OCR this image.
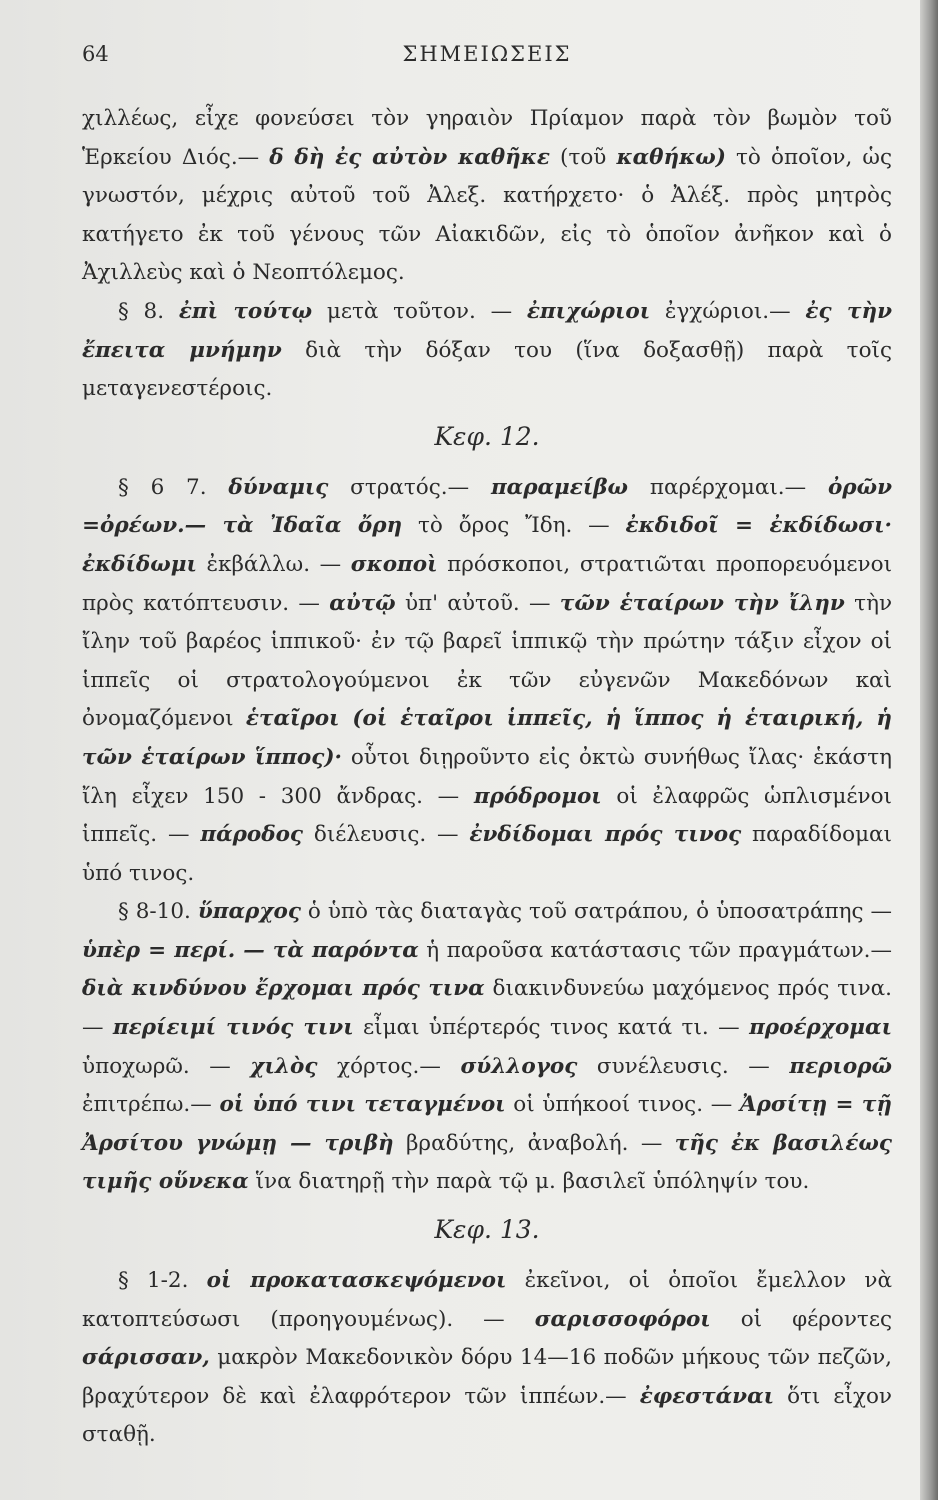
64	ΣΗΜΕΙΩΣΕΙΣ

χιλλέως, εἶχε φονεύσει τὸν γηραιὸν Πρίαμον παρὰ τὸν βωμὸν τοῦ Ἑρκείου Διός.— δ δὴ ἐς αὐτὸν καθῆκε (τοῦ καθήκω) τὸ ὁποῖον, ὡς γνωστόν, μέχρις αὐτοῦ τοῦ Ἀλεξ. κατήρχετο· ὁ Ἀλέξ. πρὸς μητρὸς κατήγετο ἐκ τοῦ γένους τῶν Αἰακιδῶν, εἰς τὸ ὁποῖον ἀνῆκον καὶ ὁ Ἀχιλλεὺς καὶ ὁ Νεοπτόλεμος.

§ 8. ἐπὶ τούτῳ μετὰ τοῦτον. — ἐπιχώριοι ἐγχώριοι.— ἐς τὴν ἔπειτα μνήμην διὰ τὴν δόξαν του (ἵνα δοξασθῇ) παρὰ τοῖς μεταγενεστέροις.

Κεφ. 12.

§ 6 7. δύναμις στρατός.— παραμείβω παρέρχομαι.— ὀρῶν =ὀρέων.— τὰ Ἰδαῖα ὄρη τὸ ὄρος Ἴδη. — ἐκδιδοῖ = ἐκδίδωσι· ἐκδίδωμι ἐκβάλλω. — σκοποὶ πρόσκοποι, στρατιῶται προπορευόμενοι πρὸς κατόπτευσιν. — αὐτῷ ὑπ' αὐτοῦ. — τῶν ἑταίρων τὴν ἴλην τὴν ἴλην τοῦ βαρέος ἱππικοῦ· ἐν τῷ βαρεῖ ἱππικῷ τὴν πρώτην τάξιν εἶχον οἱ ἱππεῖς οἱ στρατολογούμενοι ἐκ τῶν εὐγενῶν Μακεδόνων καὶ ὀνομαζόμενοι ἑταῖροι (οἱ ἑταῖροι ἱππεῖς, ἡ ἵππος ἡ ἑταιρική, ἡ τῶν ἑταίρων ἵππος)· οὗτοι διῃροῦντο εἰς ὀκτὼ συνήθως ἴλας· ἑκάστη ἴλη εἶχεν 150 - 300 ἄνδρας. — πρόδρομοι οἱ ἐλαφρῶς ὡπλισμένοι ἱππεῖς. — πάροδος διέλευσις. — ἐνδίδομαι πρός τινος παραδίδομαι ὑπό τινος.

§ 8-10. ὕπαρχος ὁ ὑπὸ τὰς διαταγὰς τοῦ σατράπου, ὁ ὑποσατράπης — ὑπὲρ = περί. — τὰ παρόντα ἡ παροῦσα κατάστασις τῶν πραγμάτων.— διὰ κινδύνου ἔρχομαι πρός τινα διακινδυνεύω μαχόμενος πρός τινα. — περίειμί τινός τινι εἶμαι ὑπέρτερός τινος κατά τι. — προέρχομαι ὑποχωρῶ. — χιλὸς χόρτος.— σύλλογος συνέλευσις. — περιορῶ ἐπιτρέπω.— οἱ ὑπό τινι τεταγμένοι οἱ ὑπήκοοί τινος. — Ἀρσίτῃ = τῇ Ἀρσίτου γνώμῃ — τριβὴ βραδύτης, ἀναβολή. — τῆς ἐκ βασιλέως τιμῆς οὕνεκα ἵνα διατηρῇ τὴν παρὰ τῷ μ. βασιλεῖ ὑπόληψίν του.

Κεφ. 13.

§ 1-2. οἱ προκατασκεψόμενοι ἐκεῖνοι, οἱ ὁποῖοι ἔμελλον νὰ κατοπτεύσωσι (προηγουμένως). — σαρισσοφόροι οἱ φέροντες σάρισσαν, μακρὸν Μακεδονικὸν δόρυ 14—16 ποδῶν μήκους τῶν πεζῶν, βραχύτερον δὲ καὶ ἐλαφρότερον τῶν ἱππέων.— ἐφεστάναι ὅτι εἶχον σταθῇ.
